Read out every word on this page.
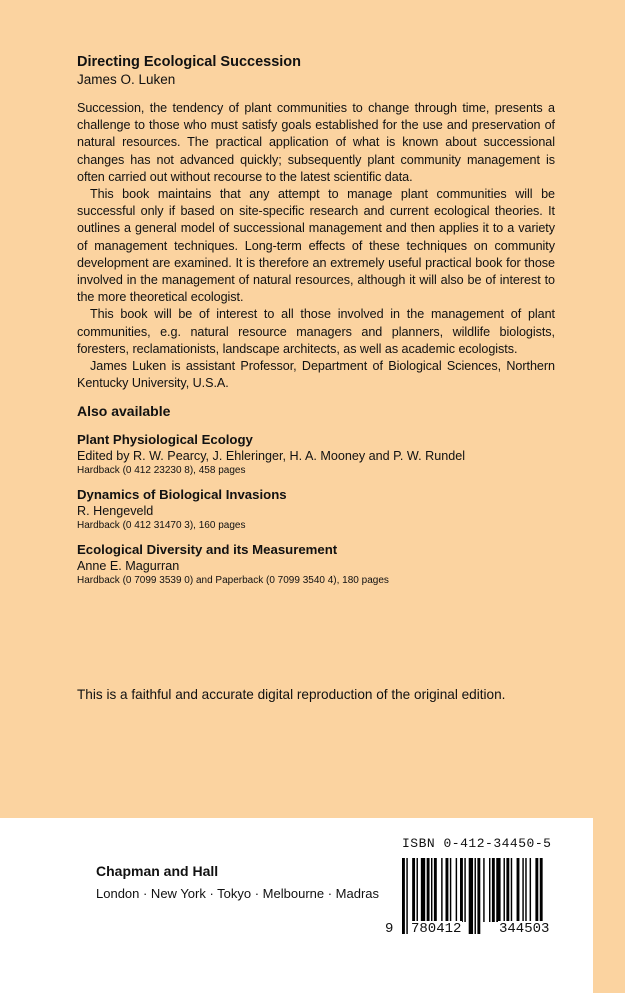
Directing Ecological Succession

James O. Luken

Succession, the tendency of plant communities to change through time, presents a challenge to those who must satisfy goals established for the use and preservation of natural resources. The practical application of what is known about successional changes has not advanced quickly; subsequently plant community management is often carried out without recourse to the latest scientific data.

This book maintains that any attempt to manage plant communities will be successful only if based on site-specific research and current ecological theories. It outlines a general model of successional management and then applies it to a variety of management techniques. Long-term effects of these techniques on community development are examined. It is therefore an extremely useful practical book for those involved in the management of natural resources, although it will also be of interest to the more theoretical ecologist.

This book will be of interest to all those involved in the management of plant communities, e.g. natural resource managers and planners, wildlife biologists, foresters, reclamationists, landscape architects, as well as academic ecologists.

James Luken is assistant Professor, Department of Biological Sciences, Northern Kentucky University, U.S.A.

Also available

Plant Physiological Ecology
Edited by R. W. Pearcy, J. Ehleringer, H. A. Mooney and P. W. Rundel
Hardback (0 412 23230 8), 458 pages
Dynamics of Biological Invasions
R. Hengeveld
Hardback (0 412 31470 3), 160 pages
Ecological Diversity and its Measurement
Anne E. Magurran
Hardback (0 7099 3539 0) and Paperback (0 7099 3540 4), 180 pages
This is a faithful and accurate digital reproduction of the original edition.
Chapman and Hall
London · New York · Tokyo · Melbourne · Madras
ISBN 0-412-34450-5
9 780412	344503
